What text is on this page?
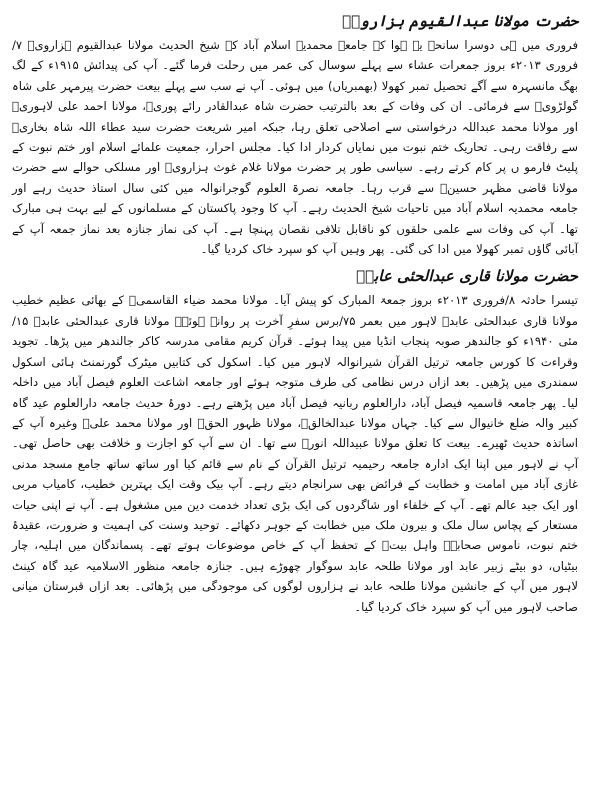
حضرت مولانا عبدالقیوم ہزارویؒ

فروری میں ہی دوسرا سانحہ یہ ہوا کہ جامعہ محمدیہ اسلام آباد کے شیخ الحدیث مولانا عبدالقیوم ہزارویؒ ۷/فروری ۲۰۱۳ء بروز جمعرات عشاء سے پہلے سوسال کی عمر میں رحلت فرما گئے۔ آپ کی پیدائش ۱۹۱۵ء کے لگ بھگ مانسہرہ سے آگے تحصیل تمبر کھولا (بھمبریاں) میں ہوئی۔ آپ نے سب سے پہلے بیعت حضرت پیرمہر علی شاہ گولڑویؒ سے فرمائی۔ ان کی وفات کے بعد بالترتیب حضرت شاہ عبدالقادر رائے پوریؒ، مولانا احمد علی لاہوریؒ اور مولانا محمد عبداللہ درخواستی سے اصلاحی تعلق رہا، جبکہ امیر شریعت حضرت سید عطاء اللہ شاہ بخاریؒ سے رفاقت رہی۔ تحاریک ختم نبوت میں نمایاں کردار ادا کیا۔ مجلس احرار، جمعیت علمائے اسلام اور ختم نبوت کے پلیٹ فارمو ں پر کام کرتے رہے۔ سیاسی طور پر حضرت مولانا غلام غوث ہزارویؒ اور مسلکی حوالے سے حضرت مولانا قاضی مظہر حسینؒ سے قرب رہا۔ جامعہ نصرۃ العلوم گوجرانوالہ میں کئی سال استاذ حدیث رہے اور جامعہ محمدیہ اسلام آباد میں تاحیات شیخ الحدیث رہے۔ آپ کا وجود پاکستان کے مسلمانوں کے لیے بہت ہی مبارک تھا۔ آپ کی وفات سے علمی حلقوں کو ناقابل تلافی نقصان پہنچا ہے۔ آپ کی نماز جنازہ بعد نماز جمعہ آپ کے آبائی گاؤں تمبر کھولا میں ادا کی گئی۔ پھر وہیں آپ کو سپرد خاک کردیا گیا۔

حضرت مولانا قاری عبدالحئی عابدؒ

تیسرا حادثہ ۸/فروری ۲۰۱۳ء بروز جمعۃ المبارک کو پیش آیا۔ مولانا محمد ضیاء القاسمیؒ کے بھائی عظیم خطیب مولانا قاری عبدالحئی عابدؒ لاہور میں بعمر ۷۵/برس سفرِ آخرت پر روانہ ہوئے۔ مولانا قاری عبدالحئی عابدؒ ۱۵/مئی ۱۹۴۰ء کو جالندھر صوبہ پنجاب انڈیا میں پیدا ہوئے۔ قرآن کریم مقامی مدرسہ کاکر جالندھر میں پڑھا۔ تجوید وقراءت کا کورس جامعہ ترتیل القرآن شیرانوالہ لاہور میں کیا۔ اسکول کی کتابیں میٹرک گورنمنٹ ہائی اسکول سمندری میں پڑھیں۔ بعد ازاں درس نظامی کی طرف متوجہ ہوئے اور جامعہ اشاعت العلوم فیصل آباد میں داخلہ لیا۔ پھر جامعہ قاسمیہ فیصل آباد، دارالعلوم ربانیہ فیصل آباد میں پڑھتے رہے۔ دورۂ حدیث جامعہ دارالعلوم عید گاہ کبیر والہ ضلع خانیوال سے کیا۔ جہاں مولانا عبدالخالقؒ، مولانا ظہور الحقؒ اور مولانا محمد علیؒ وغیرہ آپ کے اساتذہ حدیث ٹھیرے۔ بیعت کا تعلق مولانا عبیداللہ انورؒ سے تھا۔ ان سے آپ کو اجازت و خلافت بھی حاصل تھی۔ آپ نے لاہور میں اپنا ایک ادارہ جامعہ رحیمیہ ترتیل القرآن کے نام سے قائم کیا اور ساتھ ساتھ جامع مسجد مدنی غازی آباد میں امامت و خطابت کے فرائض بھی سرانجام دیتے رہے۔ آپ بیک وقت ایک بہترین خطیب، کامیاب مربی اور ایک جید عالم تھے۔ آپ کے خلفاء اور شاگردوں کی ایک بڑی تعداد خدمت دین میں مشغول ہے۔ آپ نے اپنی حیات مستعار کے پچاس سال ملک و بیرون ملک میں خطابت کے جوہر دکھائے۔ توحید وسنت کی اہمیت و ضرورت، عقیدۂ ختم نبوت، ناموس صحابہؓ واہل بیتؓ کے تحفظ آپ کے خاص موضوعات ہوتے تھے۔ پسماندگان میں اہلیہ، چار بیٹیاں، دو بیٹے زبیر عابد اور مولانا طلحہ عابد سوگوار چھوڑے ہیں۔ جنازہ جامعہ منظور الاسلامیہ عید گاہ کینٹ لاہور میں آپ کے جانشین مولانا طلحہ عابد نے ہزاروں لوگوں کی موجودگی میں پڑھائی۔ بعد ازاں قبرستان میانی صاحب لاہور میں آپ کو سپرد خاک کردیا گیا۔
